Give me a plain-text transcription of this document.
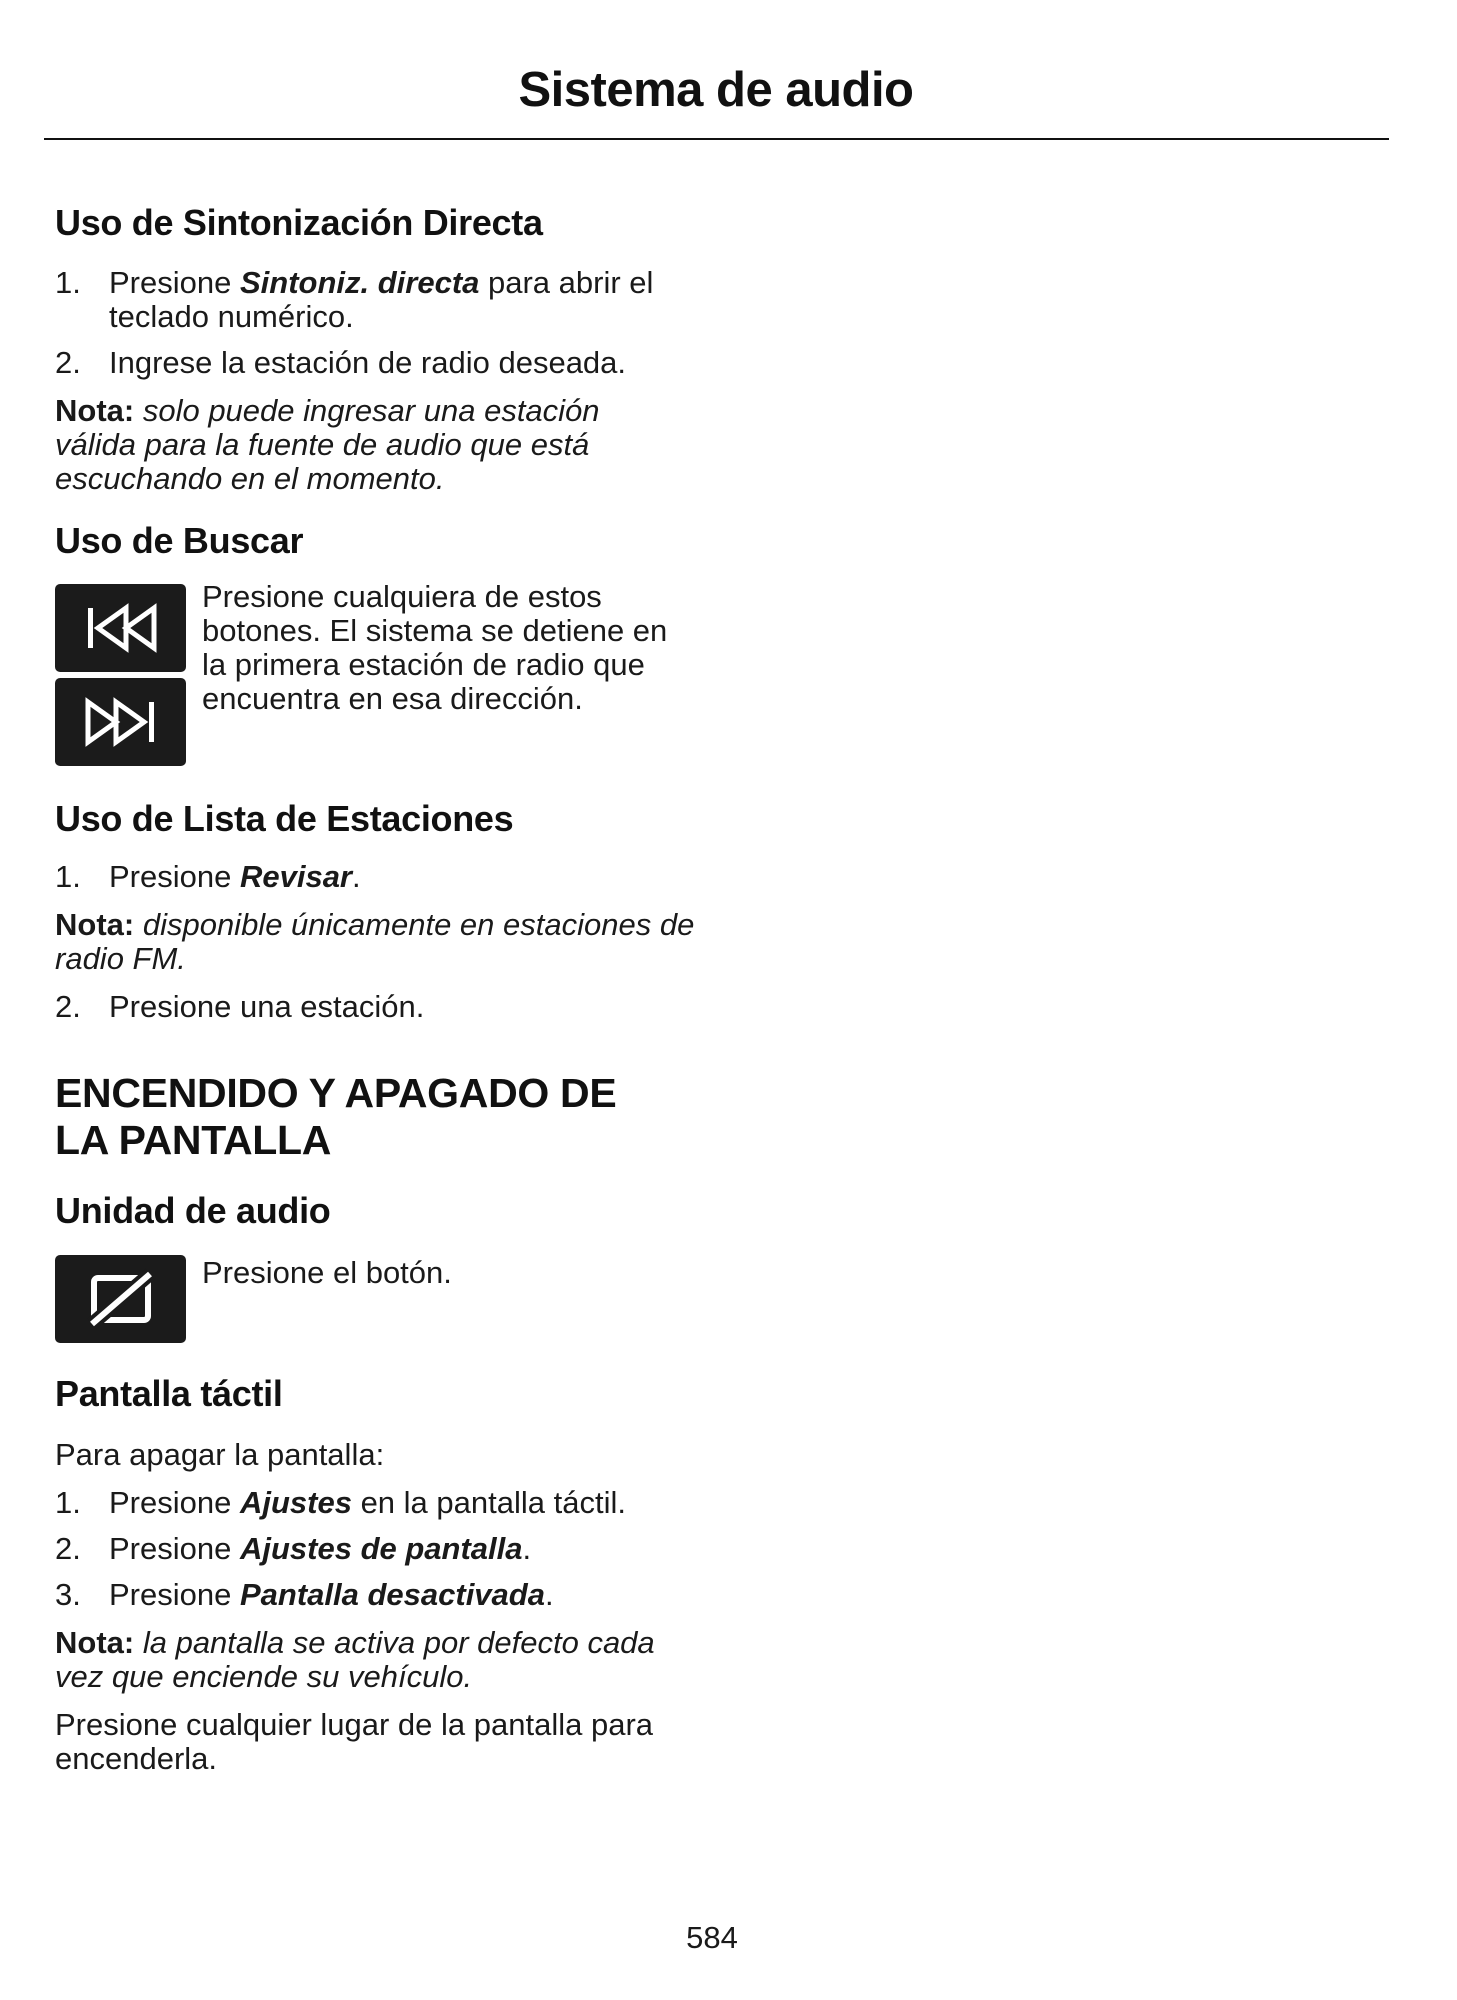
Sistema de audio
Uso de Sintonización Directa
1. Presione Sintoniz. directa para abrir el teclado numérico.
2. Ingrese la estación de radio deseada.
Nota: solo puede ingresar una estación válida para la fuente de audio que está escuchando en el momento.
Uso de Buscar
Presione cualquiera de estos botones. El sistema se detiene en la primera estación de radio que encuentra en esa dirección.
Uso de Lista de Estaciones
1. Presione Revisar.
Nota: disponible únicamente en estaciones de radio FM.
2. Presione una estación.
ENCENDIDO Y APAGADO DE LA PANTALLA
Unidad de audio
Presione el botón.
Pantalla táctil
Para apagar la pantalla:
1. Presione Ajustes en la pantalla táctil.
2. Presione Ajustes de pantalla.
3. Presione Pantalla desactivada.
Nota: la pantalla se activa por defecto cada vez que enciende su vehículo.
Presione cualquier lugar de la pantalla para encenderla.
584
